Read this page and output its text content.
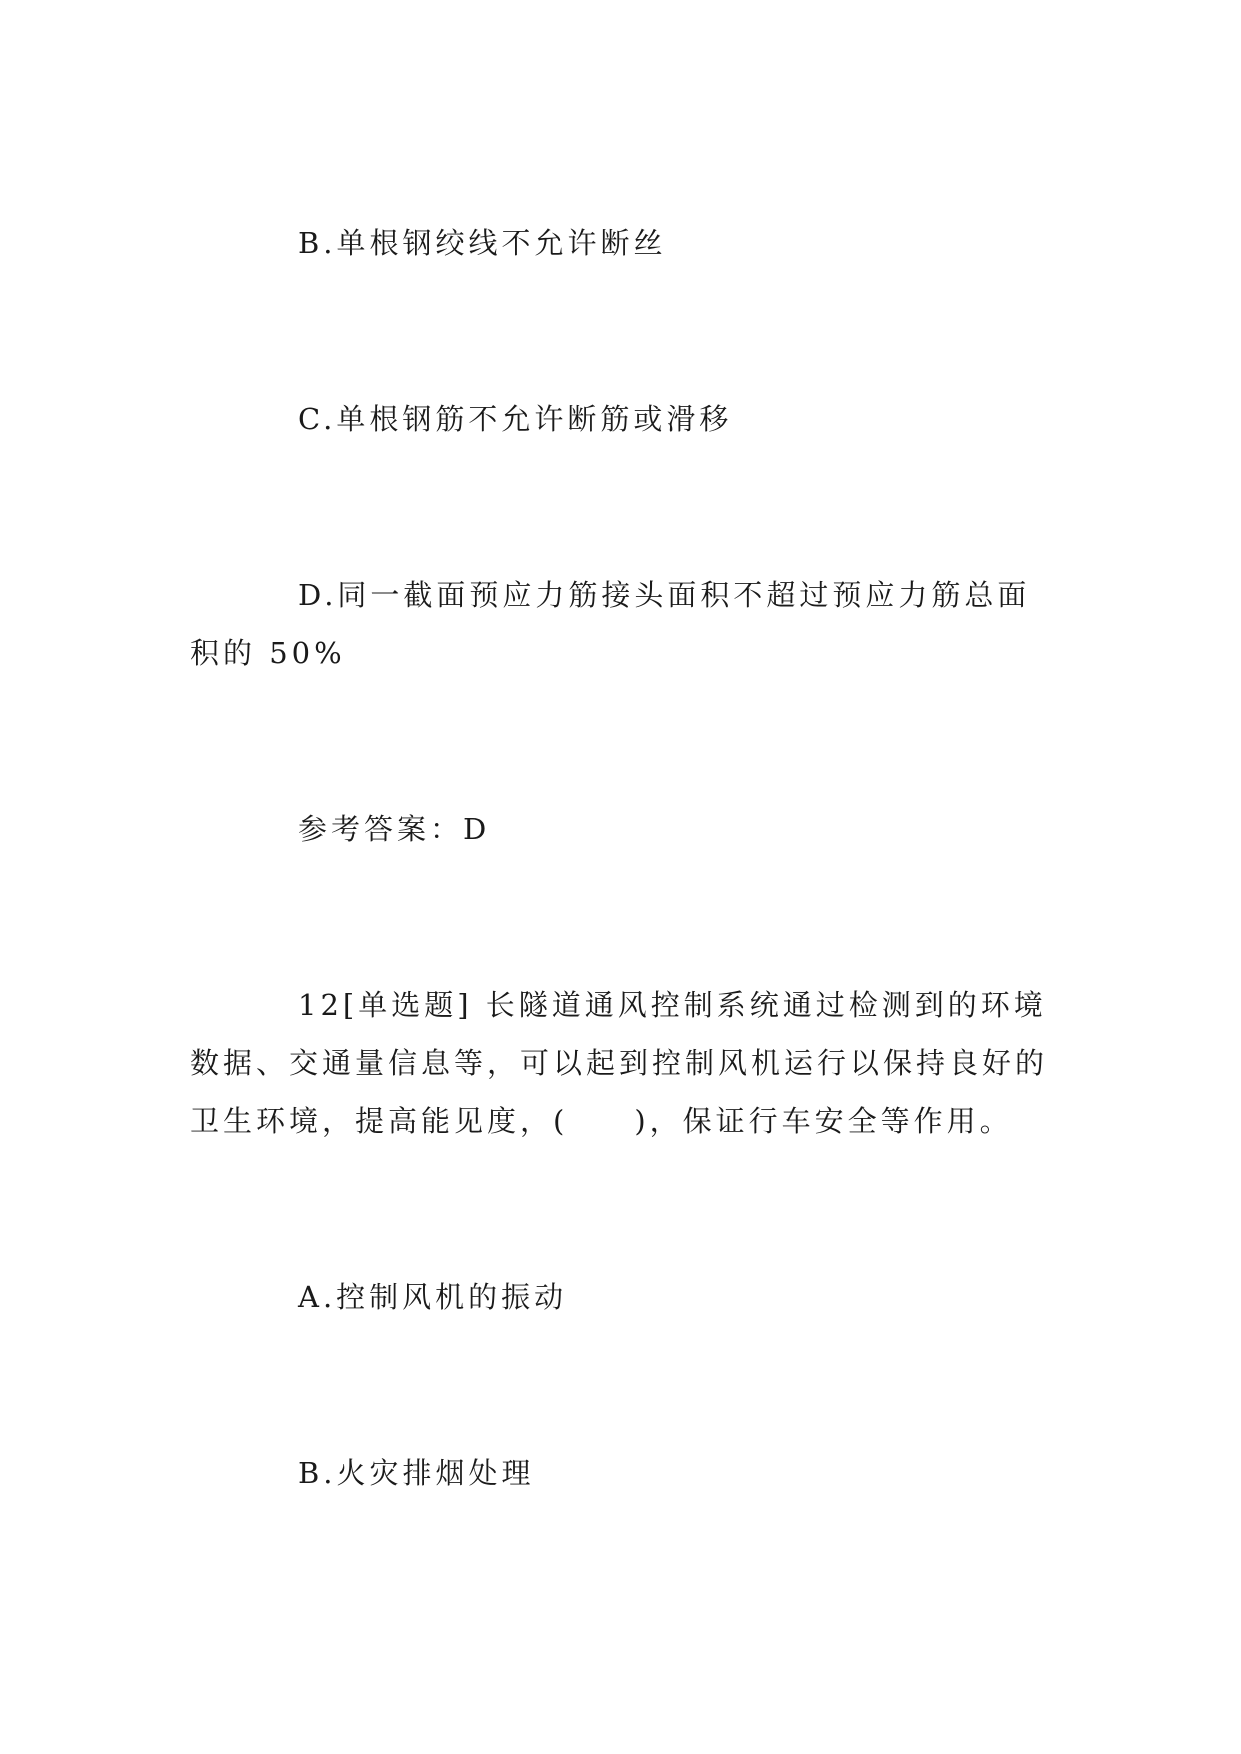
B.单根钢绞线不允许断丝
C.单根钢筋不允许断筋或滑移
D.同一截面预应力筋接头面积不超过预应力筋总面积的 50%
参考答案：D
12[单选题] 长隧道通风控制系统通过检测到的环境数据、交通量信息等，可以起到控制风机运行以保持良好的卫生环境，提高能见度，(　　)，保证行车安全等作用。
A.控制风机的振动
B.火灾排烟处理
